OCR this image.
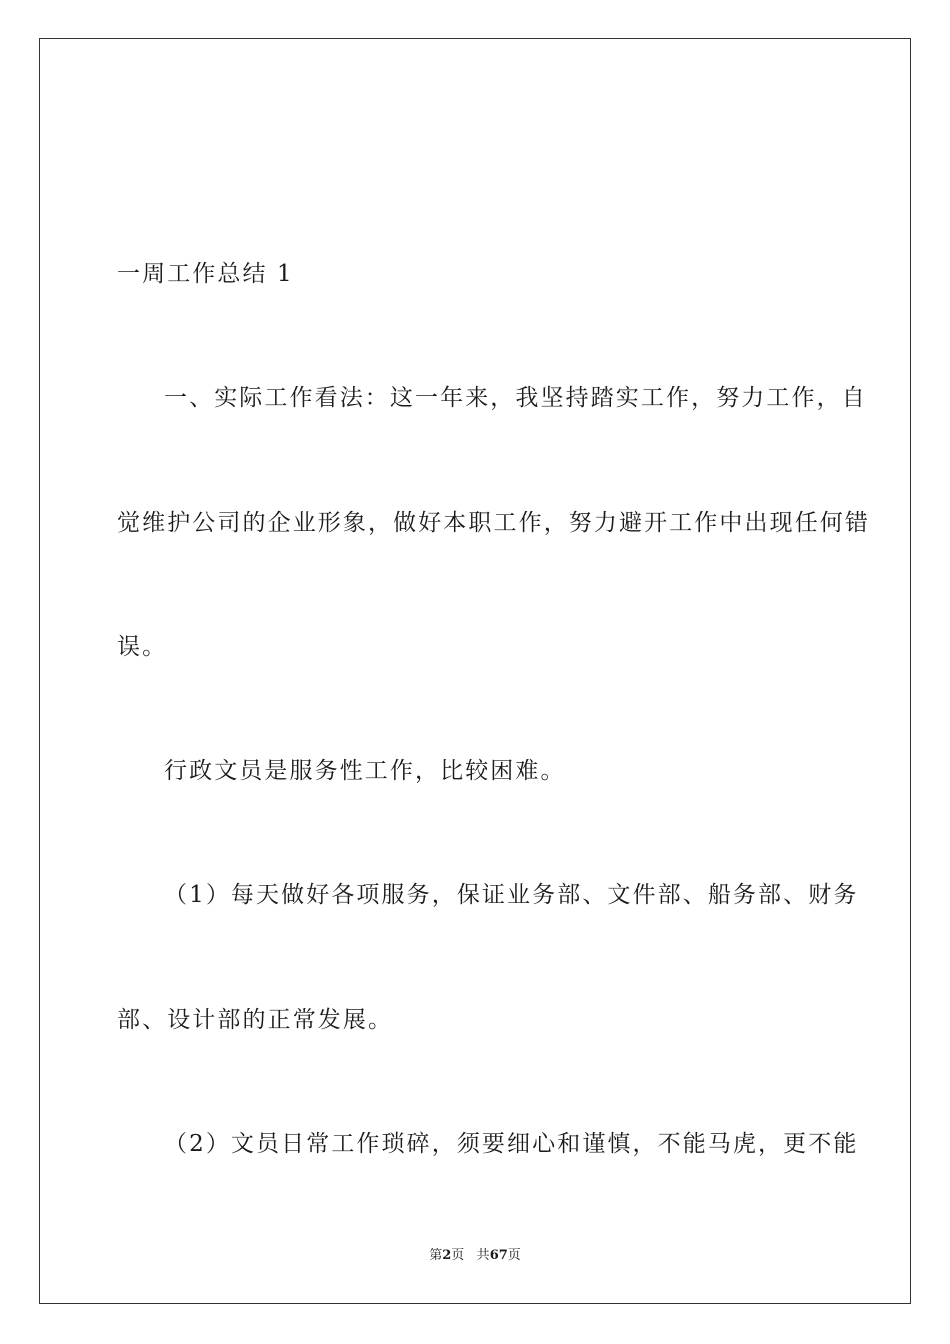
一周工作总结 1
一、实际工作看法：这一年来，我坚持踏实工作，努力工作，自
觉维护公司的企业形象，做好本职工作，努力避开工作中出现任何错
误。
行政文员是服务性工作，比较困难。
（1）每天做好各项服务，保证业务部、文件部、船务部、财务
部、设计部的正常发展。
（2）文员日常工作琐碎，须要细心和谨慎，不能马虎，更不能
第2页 共67页
